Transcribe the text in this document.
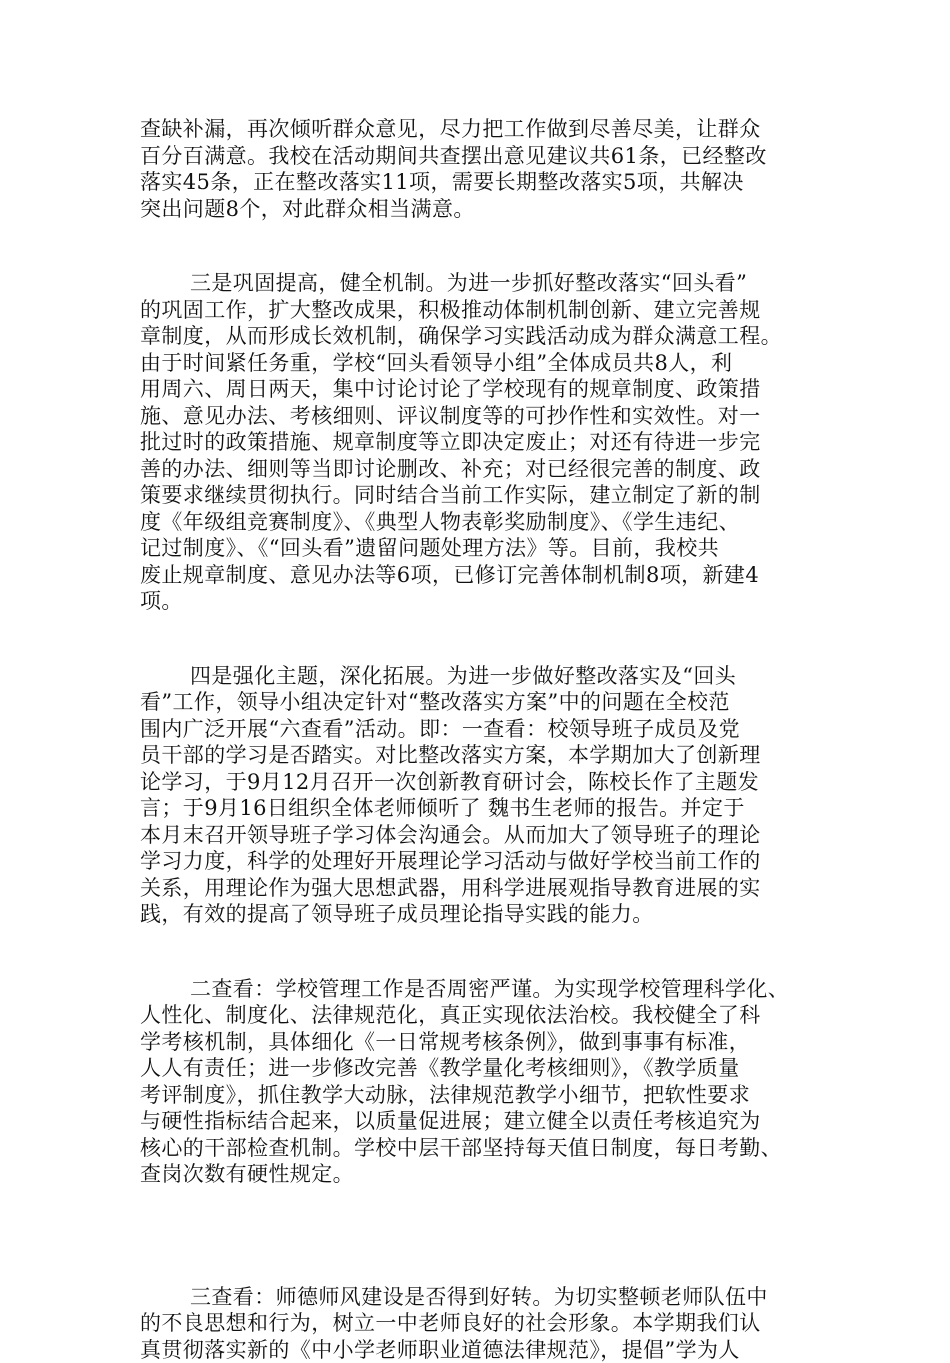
查缺补漏，再次倾听群众意见，尽力把工作做到尽善尽美，让群众
百分百满意。我校在活动期间共查摆出意见建议共61条，已经整改
落实45条，正在整改落实11项，需要长期整改落实5项，共解决
突出问题8个，对此群众相当满意。

三是巩固提高，健全机制。为进一步抓好整改落实“回头看”
的巩固工作，扩大整改成果，积极推动体制机制创新、建立完善规
章制度，从而形成长效机制，确保学习实践活动成为群众满意工程。
由于时间紧任务重，学校“回头看领导小组”全体成员共8人，利
用周六、周日两天，集中讨论讨论了学校现有的规章制度、政策措
施、意见办法、考核细则、评议制度等的可抄作性和实效性。对一
批过时的政策措施、规章制度等立即决定废止；对还有待进一步完
善的办法、细则等当即讨论删改、补充；对已经很完善的制度、政
策要求继续贯彻执行。同时结合当前工作实际，建立制定了新的制
度《年级组竞赛制度》、《典型人物表彰奖励制度》、《学生违纪、
记过制度》、《“回头看”遗留问题处理方法》等。目前，我校共
废止规章制度、意见办法等6项，已修订完善体制机制8项，新建4
项。

四是强化主题，深化拓展。为进一步做好整改落实及“回头
看”工作，领导小组决定针对“整改落实方案”中的问题在全校范
围内广泛开展“六查看”活动。即：一查看：校领导班子成员及党
员干部的学习是否踏实。对比整改落实方案，本学期加大了创新理
论学习，于9月12月召开一次创新教育研讨会，陈校长作了主题发
言；于9月16日组织全体老师倾听了 魏书生老师的报告。并定于
本月末召开领导班子学习体会沟通会。从而加大了领导班子的理论
学习力度，科学的处理好开展理论学习活动与做好学校当前工作的
关系，用理论作为强大思想武器，用科学进展观指导教育进展的实
践，有效的提高了领导班子成员理论指导实践的能力。

二查看：学校管理工作是否周密严谨。为实现学校管理科学化、
人性化、制度化、法律规范化，真正实现依法治校。我校健全了科
学考核机制，具体细化《一日常规考核条例》，做到事事有标准，
人人有责任；进一步修改完善《教学量化考核细则》，《教学质量
考评制度》，抓住教学大动脉，法律规范教学小细节，把软性要求
与硬性指标结合起来，以质量促进展；建立健全以责任考核追究为
核心的干部检查机制。学校中层干部坚持每天值日制度，每日考勤、
查岗次数有硬性规定。

三查看：师德师风建设是否得到好转。为切实整顿老师队伍中
的不良思想和行为，树立一中老师良好的社会形象。本学期我们认
真贯彻落实新的《中小学老师职业道德法律规范》，提倡”学为人
